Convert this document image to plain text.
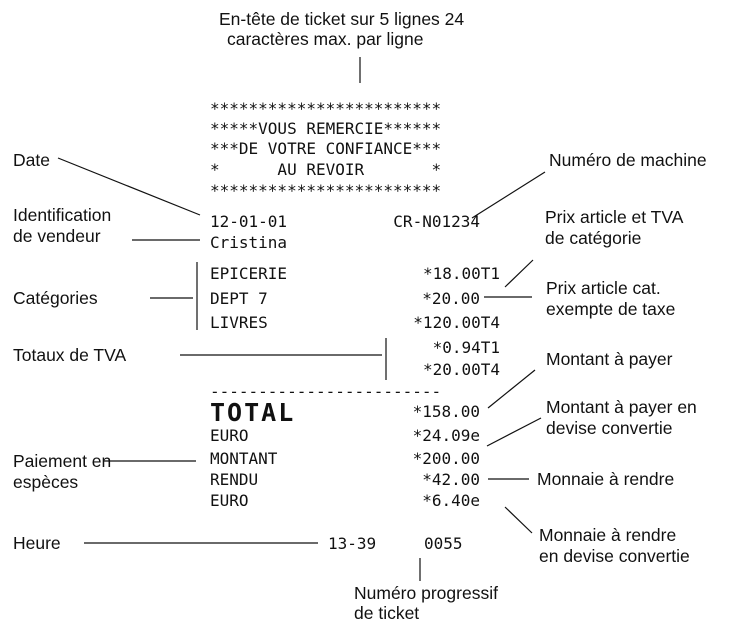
En-tête de ticket sur 5 lignes 24
caractères max. par ligne
Date
Identification
de vendeur
Catégories
Totaux de TVA
Paiement en
espèces
Heure
Numéro de machine
Prix article et TVA
de catégorie
Prix article cat.
exempte de taxe
Montant à payer
Montant à payer en
devise convertie
Monnaie à rendre
Monnaie à rendre
en devise convertie
Numéro progressif
de ticket
************************
*****VOUS REMERCIE******
***DE VOTRE CONFIANCE***
*      AU REVOIR       *
************************
12-01-01	CR-N01234
Cristina
EPICERIE	*18.00T1
DEPT 7	*20.00
LIVRES	*120.00T4
*0.94T1
*20.00T4
------------------------
TOTAL	*158.00
EURO	*24.09e
MONTANT	*200.00
RENDU	*42.00
EURO	*6.40e
13-39	0055
